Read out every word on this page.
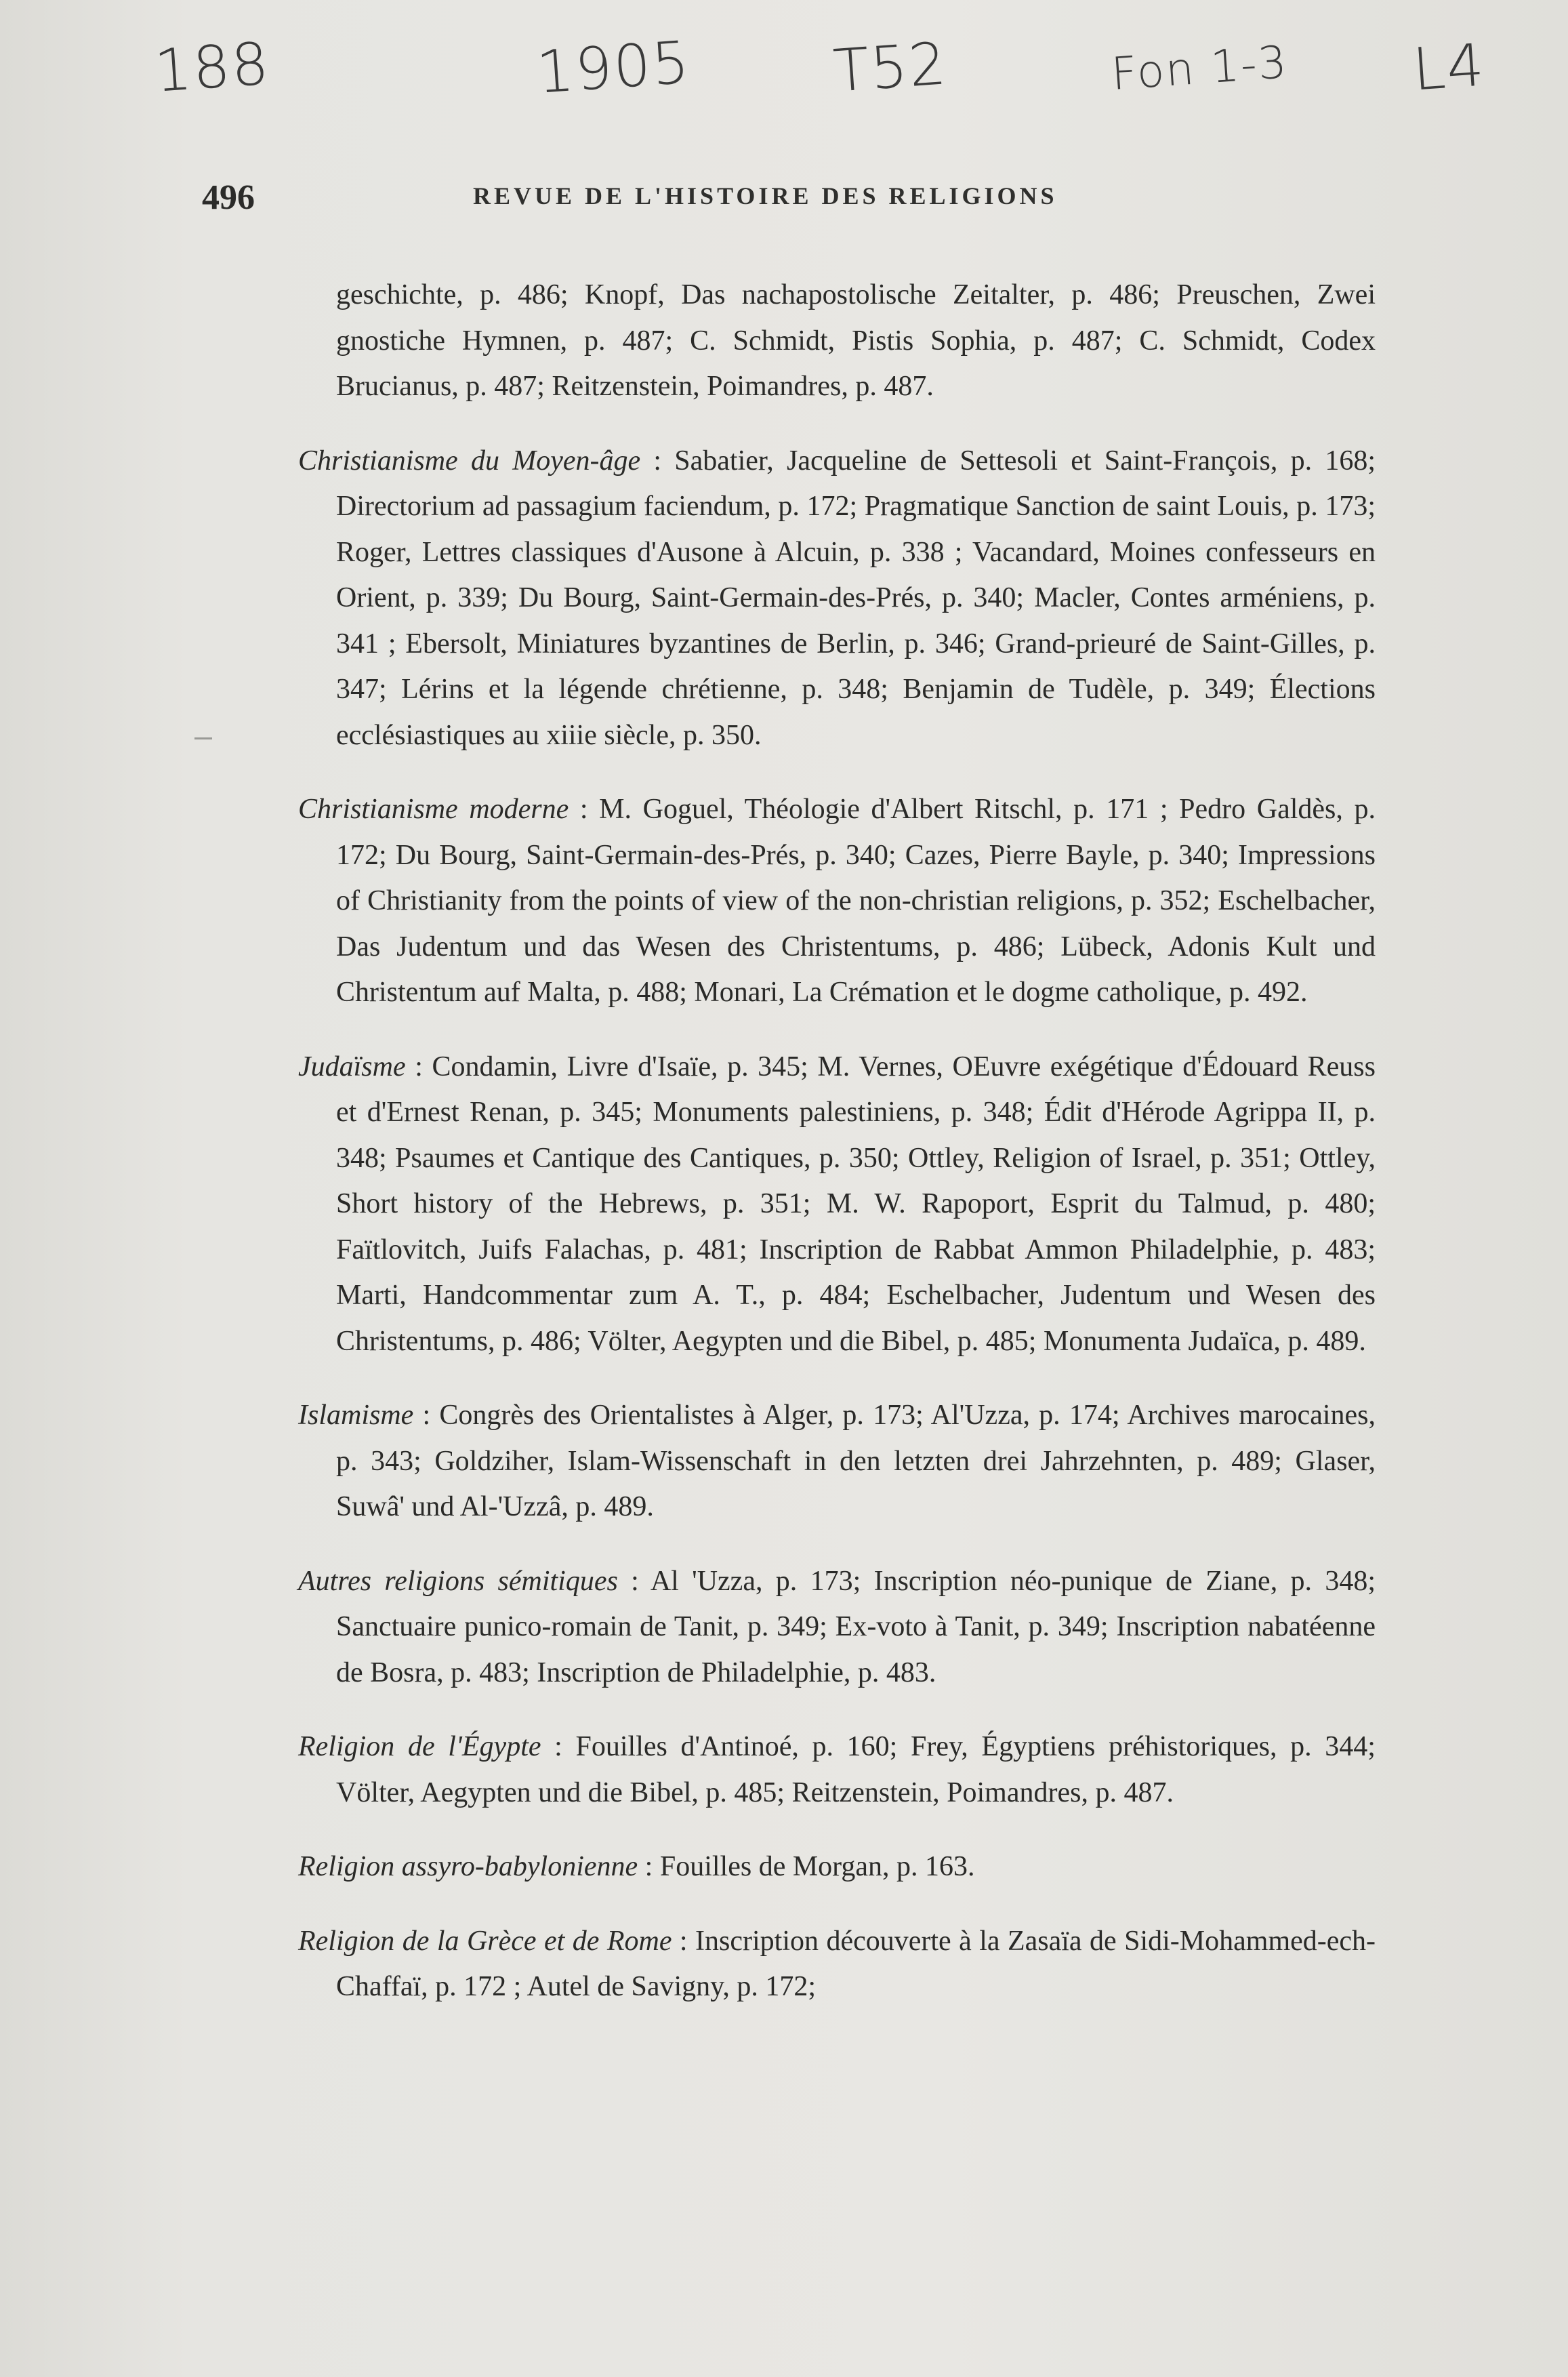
188	1905 T52	Fon 1-3 L4
496	REVUE DE L'HISTOIRE DES RELIGIONS

geschichte, p. 486; Knopf, Das nachapostolische Zeitalter, p. 486; Preuschen, Zwei gnostiche Hymnen, p. 487; C. Schmidt, Pistis Sophia, p. 487; C. Schmidt, Codex Brucianus, p. 487; Reitzenstein, Poimandres, p. 487.

Christianisme du Moyen-âge : Sabatier, Jacqueline de Settesoli et Saint-François, p. 168; Directorium ad passagium faciendum, p. 172; Pragmatique Sanction de saint Louis, p. 173; Roger, Lettres classiques d'Ausone à Alcuin, p. 338 ; Vacandard, Moines confesseurs en Orient, p. 339; Du Bourg, Saint-Germain-des-Prés, p. 340; Macler, Contes arméniens, p. 341 ; Ebersolt, Miniatures byzantines de Berlin, p. 346; Grand-prieuré de Saint-Gilles, p. 347; Lérins et la légende chrétienne, p. 348; Benjamin de Tudèle, p. 349; Élections ecclésiastiques au xiiie siècle, p. 350.

Christianisme moderne : M. Goguel, Théologie d'Albert Ritschl, p. 171 ; Pedro Galdès, p. 172; Du Bourg, Saint-Germain-des-Prés, p. 340; Cazes, Pierre Bayle, p. 340; Impressions of Christianity from the points of view of the non-christian religions, p. 352; Eschelbacher, Das Judentum und das Wesen des Christentums, p. 486; Lübeck, Adonis Kult und Christentum auf Malta, p. 488; Monari, La Crémation et le dogme catholique, p. 492.

Judaïsme : Condamin, Livre d'Isaïe, p. 345; M. Vernes, OEuvre exégétique d'Édouard Reuss et d'Ernest Renan, p. 345; Monuments palestiniens, p. 348; Édit d'Hérode Agrippa II, p. 348; Psaumes et Cantique des Cantiques, p. 350; Ottley, Religion of Israel, p. 351; Ottley, Short history of the Hebrews, p. 351; M. W. Rapoport, Esprit du Talmud, p. 480; Faïtlovitch, Juifs Falachas, p. 481; Inscription de Rabbat Ammon Philadelphie, p. 483; Marti, Handcommentar zum A. T., p. 484; Eschelbacher, Judentum und Wesen des Christentums, p. 486; Völter, Aegypten und die Bibel, p. 485; Monumenta Judaïca, p. 489.

Islamisme : Congrès des Orientalistes à Alger, p. 173; Al'Uzza, p. 174; Archives marocaines, p. 343; Goldziher, Islam-Wissenschaft in den letzten drei Jahrzehnten, p. 489; Glaser, Suwâ' und Al-'Uzzâ, p. 489.

Autres religions sémitiques : Al 'Uzza, p. 173; Inscription néo-punique de Ziane, p. 348; Sanctuaire punico-romain de Tanit, p. 349; Ex-voto à Tanit, p. 349; Inscription nabatéenne de Bosra, p. 483; Inscription de Philadelphie, p. 483.

Religion de l'Égypte : Fouilles d'Antinoé, p. 160; Frey, Égyptiens préhistoriques, p. 344; Völter, Aegypten und die Bibel, p. 485; Reitzenstein, Poimandres, p. 487.

Religion assyro-babylonienne : Fouilles de Morgan, p. 163.

Religion de la Grèce et de Rome : Inscription découverte à la Zasaïa de Sidi-Mohammed-ech-Chaffaï, p. 172 ; Autel de Savigny, p. 172;
